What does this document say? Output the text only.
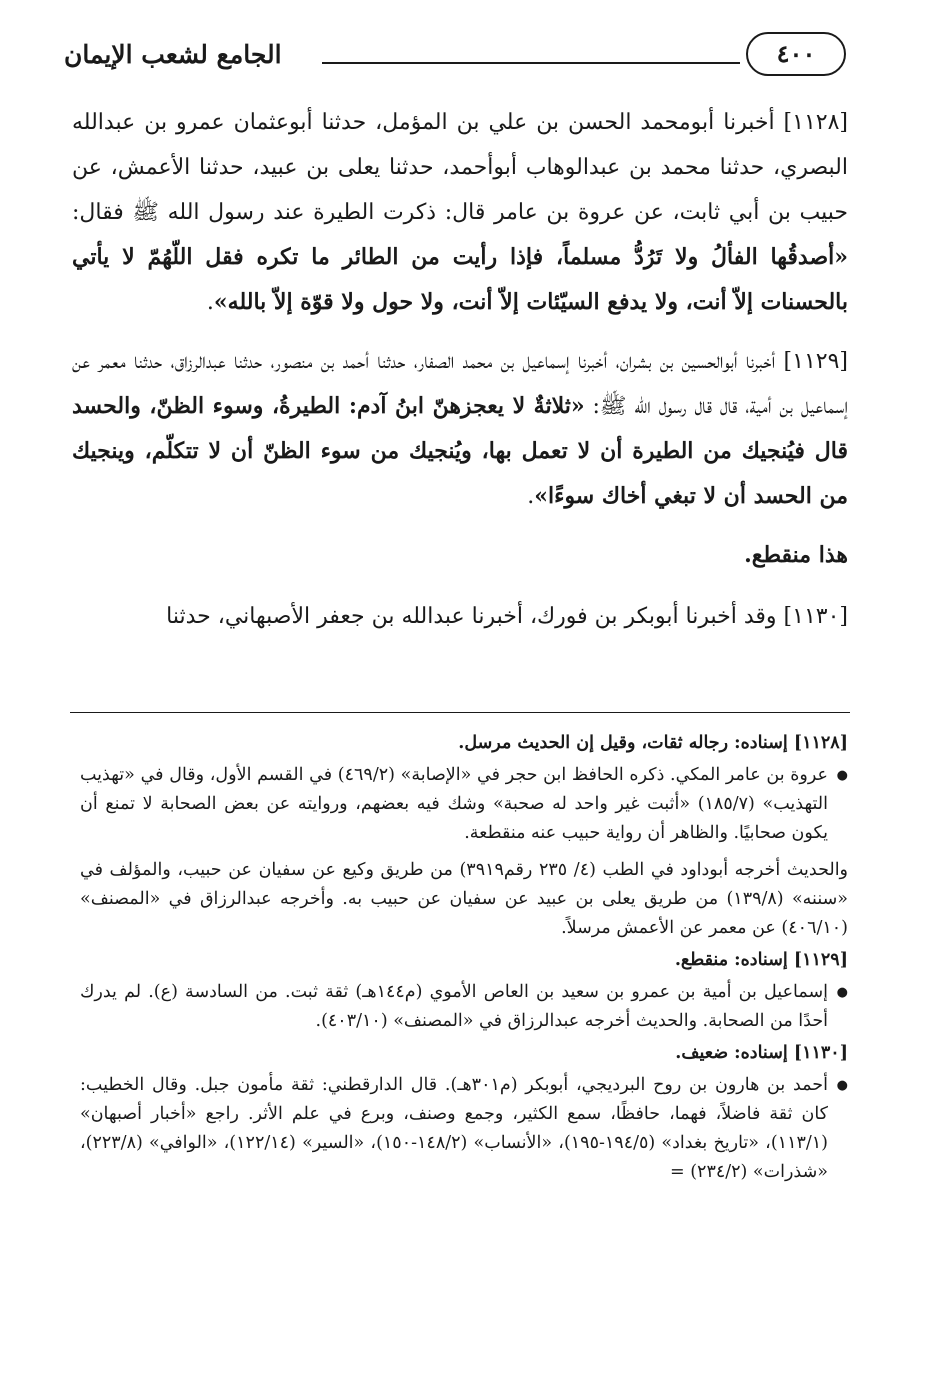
الجامع لشعب الإيمان	٤٠٠

[١١٢٨] أخبرنا أبومحمد الحسن بن علي بن المؤمل، حدثنا أبوعثمان عمرو بن عبدالله البصري، حدثنا محمد بن عبدالوهاب أبوأحمد، حدثنا يعلى بن عبيد، حدثنا الأعمش، عن حبيب بن أبي ثابت، عن عروة بن عامر قال: ذكرت الطيرة عند رسول الله ﷺ فقال: «أصدقُها الفألُ ولا تَرُدُّ مسلماً، فإذا رأيت من الطائر ما تكره فقل اللّهُمّ لا يأتي بالحسنات إلاّ أنت، ولا يدفع السيّئات إلاّ أنت، ولا حول ولا قوّة إلاّ بالله».

[١١٢٩] أخبرنا أبوالحسين بن بشران، أخبرنا إسماعيل بن محمد الصفار، حدثنا أحمد بن منصور، حدثنا عبدالرزاق، حدثنا معمر عن إسماعيل بن أمية، قال قال رسول الله ﷺ: «ثلاثةٌ لا يعجزهنّ ابنُ آدم: الطيرةُ، وسوء الظنّ، والحسد قال فيُنجيك من الطيرة أن لا تعمل بها، ويُنجيك من سوء الظنّ أن لا تتكلّم، وينجيك من الحسد أن لا تبغي أخاك سوءًا».

هذا منقطع.

[١١٣٠] وقد أخبرنا أبوبكر بن فورك، أخبرنا عبدالله بن جعفر الأصبهاني، حدثنا

[١١٢٨] إسناده: رجاله ثقات، وقيل إن الحديث مرسل.

● عروة بن عامر المكي. ذكره الحافظ ابن حجر في «الإصابة» (٤٦٩/٢) في القسم الأول، وقال في «تهذيب التهذيب» (١٨٥/٧) «أثبت غير واحد له صحبة» وشك فيه بعضهم، وروايته عن بعض الصحابة لا تمنع أن يكون صحابيًا. والظاهر أن رواية حبيب عنه منقطعة.

والحديث أخرجه أبوداود في الطب (٤/ ٢٣٥ رقم٣٩١٩) من طريق وكيع عن سفيان عن حبيب، والمؤلف في «سننه» (١٣٩/٨) من طريق يعلى بن عبيد عن سفيان عن حبيب به. وأخرجه عبدالرزاق في «المصنف» (٤٠٦/١٠) عن معمر عن الأعمش مرسلاً.

[١١٢٩] إسناده: منقطع.

● إسماعيل بن أمية بن عمرو بن سعيد بن العاص الأموي (م١٤٤هـ) ثقة ثبت. من السادسة (ع). لم يدرك أحدًا من الصحابة. والحديث أخرجه عبدالرزاق في «المصنف» (٤٠٣/١٠).

[١١٣٠] إسناده: ضعيف.

● أحمد بن هارون بن روح البرديجي، أبوبكر (م٣٠١هـ). قال الدارقطني: ثقة مأمون جبل. وقال الخطيب: كان ثقة فاضلاً، فهما، حافظًا، سمع الكثير، وجمع وصنف، وبرع في علم الأثر. راجع «أخبار أصبهان» (١١٣/١)، «تاريخ بغداد» (١٩٤/٥-١٩٥)، «الأنساب» (١٤٨/٢-١٥٠)، «السير» (١٢٢/١٤)، «الوافي» (٢٢٣/٨)، «شذرات» (٢٣٤/٢) =
